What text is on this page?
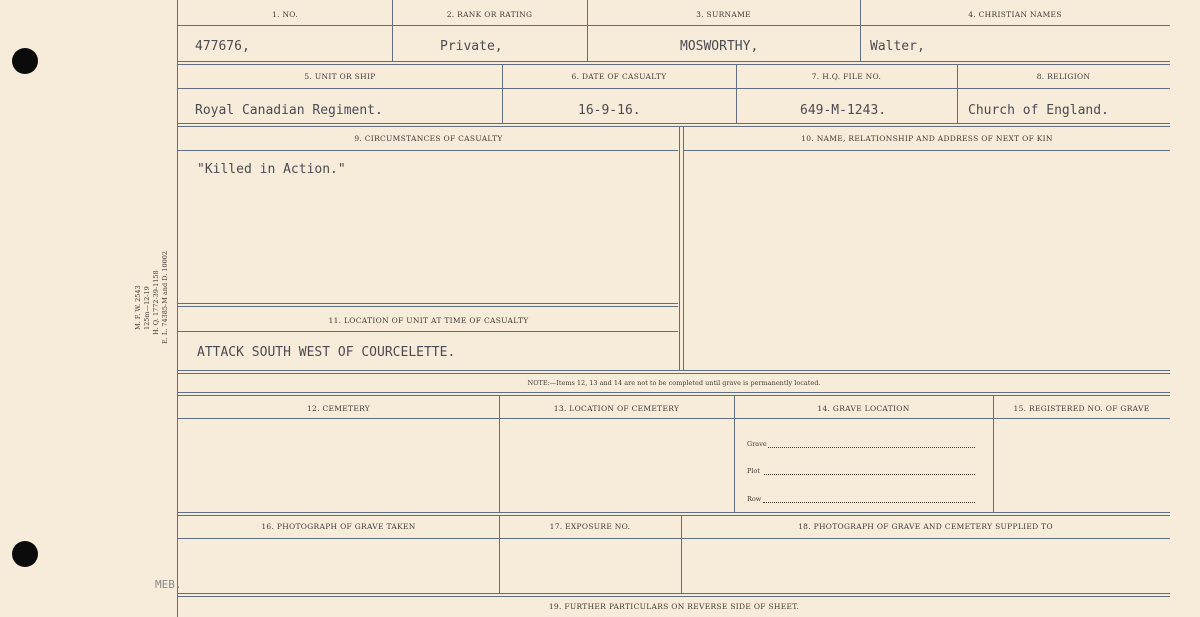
M. F. W. 2543 125m—12-19 H. Q. 1772-39-1158 E. L. 74385-M and D. 10002
1. NO.	2. RANK OR RATING	3. SURNAME	4. CHRISTIAN NAMES
477676,	Private,	MOSWORTHY,	Walter,
5. UNIT OR SHIP	6. DATE OF CASUALTY	7. H.Q. FILE NO.	8. RELIGION
Royal Canadian Regiment.	16-9-16.	649-M-1243.	Church of England.
9. CIRCUMSTANCES OF CASUALTY	10. NAME, RELATIONSHIP AND ADDRESS OF NEXT OF KIN
"Killed in Action."
11. LOCATION OF UNIT AT TIME OF CASUALTY
ATTACK SOUTH WEST OF COURCELETTE.
NOTE:—Items 12, 13 and 14 are not to be completed until grave is permanently located.
12. CEMETERY	13. LOCATION OF CEMETERY	14. GRAVE LOCATION	15. REGISTERED NO. OF GRAVE
Grave
Plot
Row
16. PHOTOGRAPH OF GRAVE TAKEN	17. EXPOSURE NO.	18. PHOTOGRAPH OF GRAVE AND CEMETERY SUPPLIED TO
19. FURTHER PARTICULARS ON REVERSE SIDE OF SHEET.
MEB.
